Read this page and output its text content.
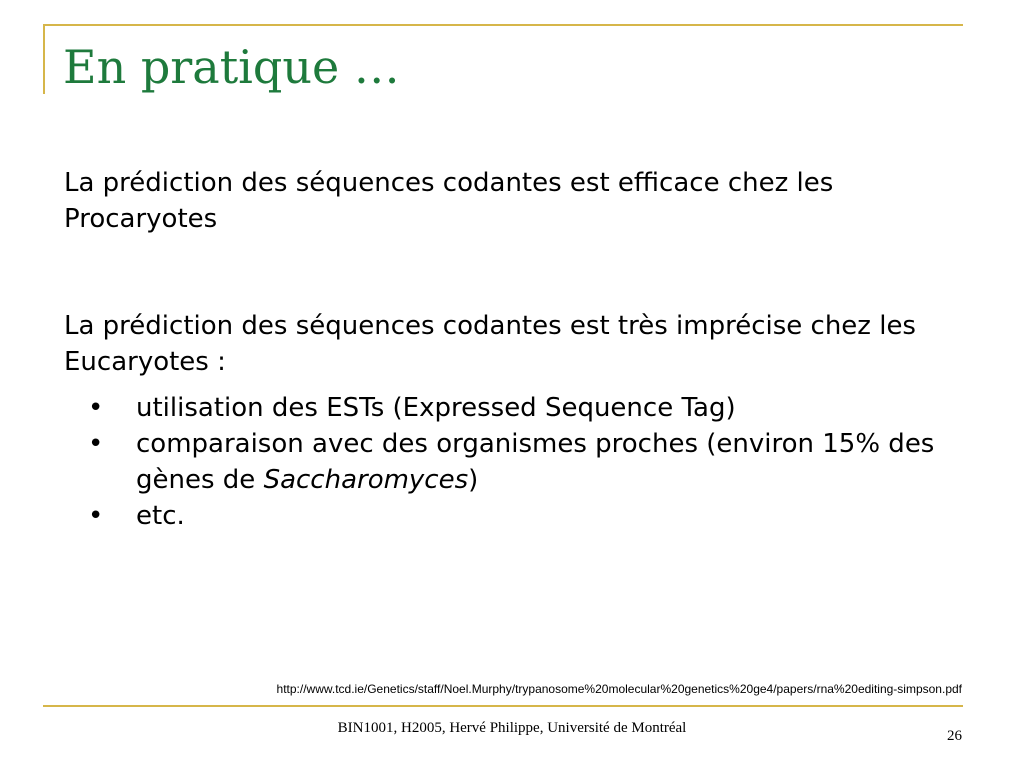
En pratique …

La prédiction des séquences codantes est efficace chez les Procaryotes

La prédiction des séquences codantes est très imprécise chez les Eucaryotes :

• utilisation des ESTs (Expressed Sequence Tag)
• comparaison avec des organismes proches (environ 15% des gènes de Saccharomyces)
• etc.
http://www.tcd.ie/Genetics/staff/Noel.Murphy/trypanosome%20molecular%20genetics%20ge4/papers/rna%20editing-simpson.pdf
BIN1001, H2005, Hervé Philippe, Université de Montréal	26
